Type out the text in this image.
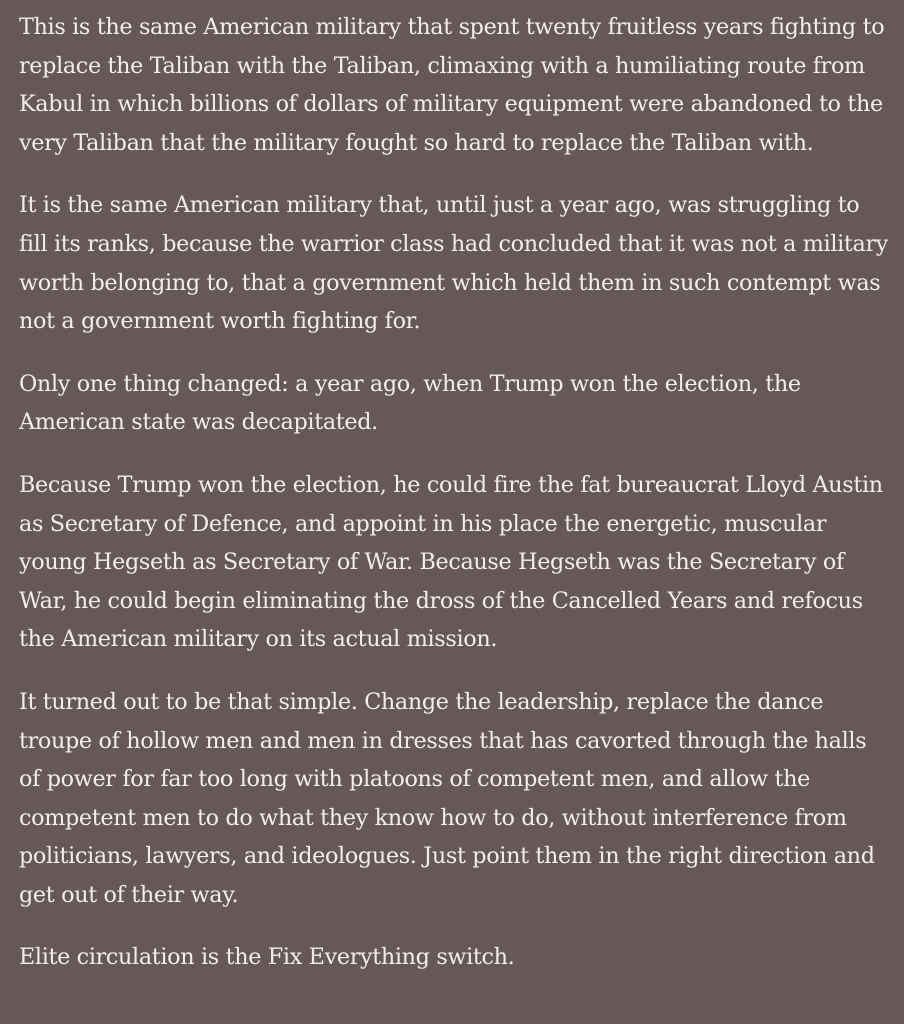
This is the same American military that spent twenty fruitless years fighting to replace the Taliban with the Taliban, climaxing with a humiliating route from Kabul in which billions of dollars of military equipment were abandoned to the very Taliban that the military fought so hard to replace the Taliban with.

It is the same American military that, until just a year ago, was struggling to fill its ranks, because the warrior class had concluded that it was not a military worth belonging to, that a government which held them in such contempt was not a government worth fighting for.

Only one thing changed: a year ago, when Trump won the election, the American state was decapitated.

Because Trump won the election, he could fire the fat bureaucrat Lloyd Austin as Secretary of Defence, and appoint in his place the energetic, muscular young Hegseth as Secretary of War. Because Hegseth was the Secretary of War, he could begin eliminating the dross of the Cancelled Years and refocus the American military on its actual mission.

It turned out to be that simple. Change the leadership, replace the dance troupe of hollow men and men in dresses that has cavorted through the halls of power for far too long with platoons of competent men, and allow the competent men to do what they know how to do, without interference from politicians, lawyers, and ideologues. Just point them in the right direction and get out of their way.

Elite circulation is the Fix Everything switch.
